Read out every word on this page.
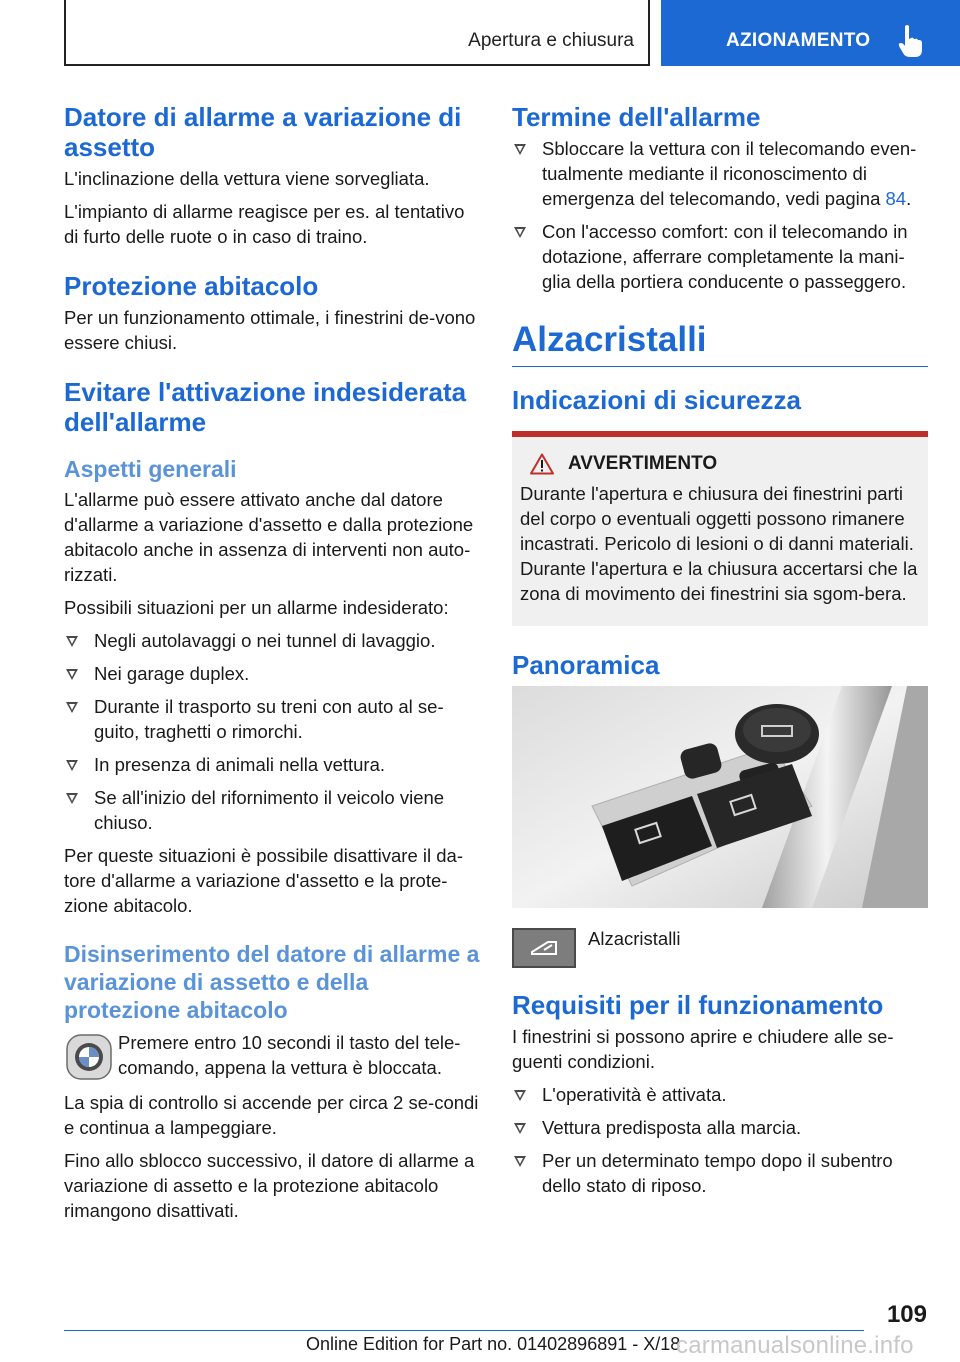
Apertura e chiusura	AZIONAMENTO
Datore di allarme a variazione di assetto

L'inclinazione della vettura viene sorvegliata.

L'impianto di allarme reagisce per es. al tentativo di furto delle ruote o in caso di traino.

Protezione abitacolo

Per un funzionamento ottimale, i finestrini de-vono essere chiusi.

Evitare l'attivazione indesiderata dell'allarme
Aspetti generali

L'allarme può essere attivato anche dal datore d'allarme a variazione d'assetto e dalla protezione abitacolo anche in assenza di interventi non auto-rizzati.

Possibili situazioni per un allarme indesiderato:

Negli autolavaggi o nei tunnel di lavaggio.
Nei garage duplex.
Durante il trasporto su treni con auto al se-guito, traghetti o rimorchi.
In presenza di animali nella vettura.
Se all'inizio del rifornimento il veicolo viene chiuso.

Per queste situazioni è possibile disattivare il da-tore d'allarme a variazione d'assetto e la prote-zione abitacolo.

Disinserimento del datore di allarme a variazione di assetto e della protezione abitacolo

Premere entro 10 secondi il tasto del tele-comando, appena la vettura è bloccata.

La spia di controllo si accende per circa 2 se-condi e continua a lampeggiare.

Fino allo sblocco successivo, il datore di allarme a variazione di assetto e la protezione abitacolo rimangono disattivati.

Termine dell'allarme
Sbloccare la vettura con il telecomando even-tualmente mediante il riconoscimento di emergenza del telecomando, vedi pagina 84.
Con l'accesso comfort: con il telecomando in dotazione, afferrare completamente la mani-glia della portiera conducente o passeggero.
Alzacristalli
Indicazioni di sicurezza
AVVERTIMENTO

Durante l'apertura e chiusura dei finestrini parti del corpo o eventuali oggetti possono rimanere incastrati. Pericolo di lesioni o di danni materiali. Durante l'apertura e la chiusura accertarsi che la zona di movimento dei finestrini sia sgom-bera.

Panoramica

Alzacristalli

Requisiti per il funzionamento

I finestrini si possono aprire e chiudere alle se-guenti condizioni.

L'operatività è attivata.
Vettura predisposta alla marcia.
Per un determinato tempo dopo il subentro dello stato di riposo.
109
Online Edition for Part no. 01402896891 - X/18
carmanualsonline.info
